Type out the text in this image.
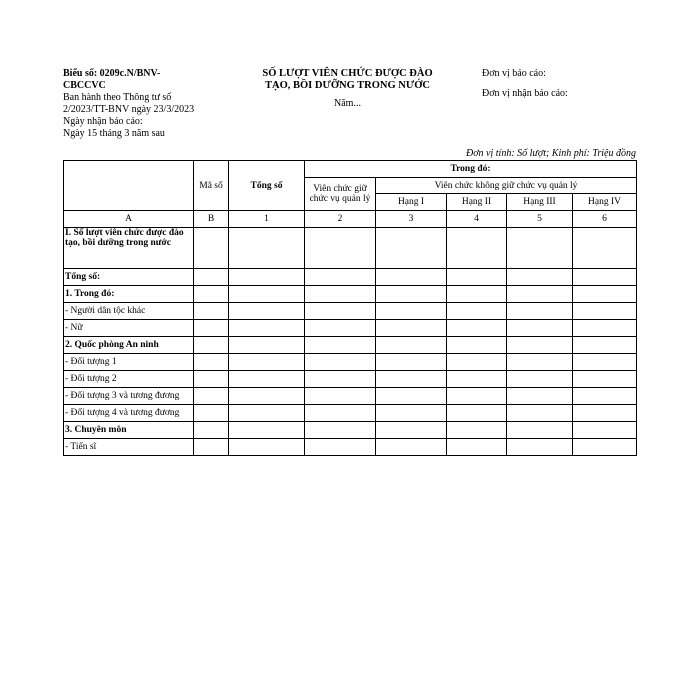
Biểu số: 0209c.N/BNV-
CBCCVC
Ban hành theo Thông tư số
2/2023/TT-BNV ngày 23/3/2023
Ngày nhận báo cáo:
Ngày 15 tháng 3 năm sau
SỐ LƯỢT VIÊN CHỨC ĐƯỢC ĐÀO
TẠO, BỒI DƯỠNG TRONG NƯỚC
Năm...
Đơn vị báo cáo:
Đơn vị nhận báo cáo:
Đơn vị tính: Số lượt; Kinh phí: Triệu đồng
	Mã số	Tổng số	Trong đó:				
			Viên chức giữ
chức vụ quản lý	Viên chức không giữ chức vụ quản lý			
				Hạng I	Hạng II	Hạng III	Hạng IV
A	B	1	2	3	4	5	6
I. Số lượt viên chức được đào tạo, bồi dưỡng trong nước							
Tổng số:							
1. Trong đó:							
- Người dân tộc khác							
- Nữ							
2. Quốc phòng An ninh							
- Đối tượng 1							
- Đối tượng 2							
- Đối tượng 3 và tương đương							
- Đối tượng 4 và tương đương							
3. Chuyên môn							
- Tiến sĩ							
